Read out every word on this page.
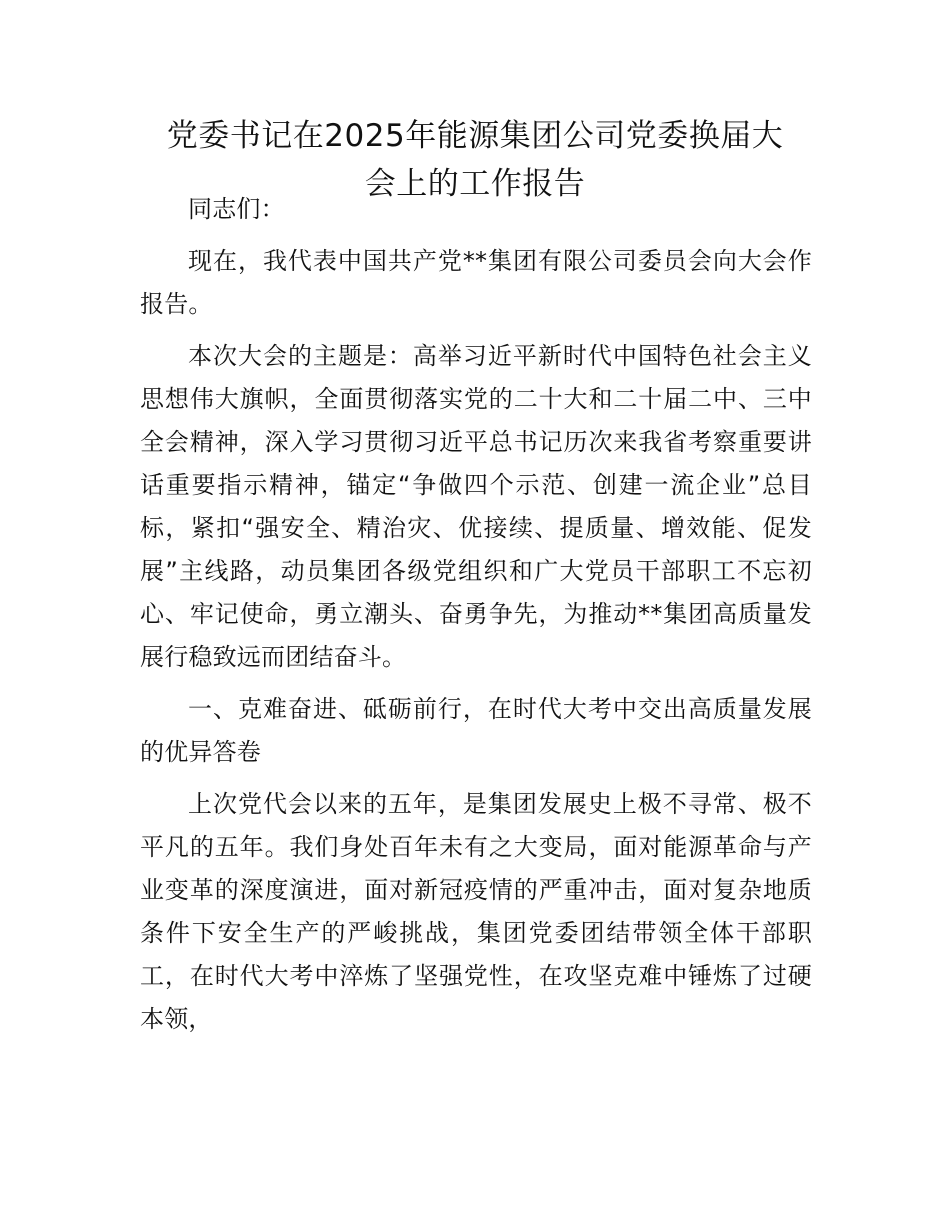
党委书记在2025年能源集团公司党委换届大
会上的工作报告

同志们：

现在，我代表中国共产党**集团有限公司委员会向大会作报告。

本次大会的主题是：高举习近平新时代中国特色社会主义思想伟大旗帜，全面贯彻落实党的二十大和二十届二中、三中全会精神，深入学习贯彻习近平总书记历次来我省考察重要讲话重要指示精神，锚定“争做四个示范、创建一流企业”总目标，紧扣“强安全、精治灾、优接续、提质量、增效能、促发展”主线路，动员集团各级党组织和广大党员干部职工不忘初心、牢记使命，勇立潮头、奋勇争先，为推动**集团高质量发展行稳致远而团结奋斗。

一、克难奋进、砥砺前行，在时代大考中交出高质量发展的优异答卷

上次党代会以来的五年，是集团发展史上极不寻常、极不平凡的五年。我们身处百年未有之大变局，面对能源革命与产业变革的深度演进，面对新冠疫情的严重冲击，面对复杂地质条件下安全生产的严峻挑战，集团党委团结带领全体干部职工，在时代大考中淬炼了坚强党性，在攻坚克难中锤炼了过硬本领，
